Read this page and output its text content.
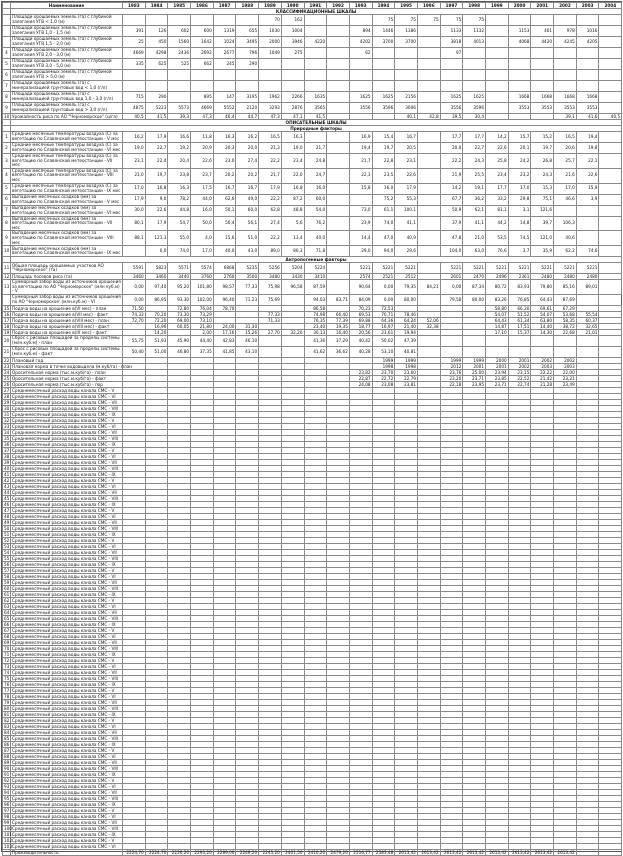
	Наименование	1983	1984	1985	1986	1987	1988	1989	1990	1991	1992	1993	1994	1995	1996	1997	1998	1999	2000	2001	2002	2003	2004
	КЛАССИФИКАЦИОННЫЕ ШКАЛЫ																						
	Площади орошаемых земель (га) с глубиной залегания УГВ < 1,0 (м)							70	162				75	75	75	75	75						
	Площади орошаемых земель (га) с глубиной залегания УГВ 1,0 - 1,5 (м)	391	126	602	600	1319	655	1030	1004			894	1446	1386		1133	1132		1153	401	978	1016	
	Площади орошаемых земель (га) с глубиной залегания УГВ 1,5 - 2,0 (м)	25	450	1560	1642	1024	3495	2000	3946	4220		4202	3700	3700		3818	4013		4068	4420	4245	4205	
4	Площади орошаемых земель (га) с глубиной залегания УГВ 2,0 - 3,0 (м)	4669	4298	2436	2692	2677	796	1049	275			62				97							
5	Площади орошаемых земель (га) с глубиной залегания УГВ 3,0 - 5,0 (м)	335	625	525	662	245	290																
6	Площади орошаемых земель (га) с глубиной залегания УГВ > 5,0 (м)																						
7	Площади орошаемых земель (га) с минерализацией грунтовых вод < 1,0 (г/л)																						
8	Площади орошаемых земель (га) с минерализацией грунтовых вод 1,0 - 3,0 (г/л)	715	290		895	147	3195	1962	2266	1635		1625	1625	2156		1625	1625		1668	1668	1668	1668	
9	Площади орошаемых земель (га) с минерализацией грунтовых вод > 3,0 (г/л)	4875	5223	5573	4669	5552	2120	3293	2876	3565		3556	3596	3006		3556	3596		3553	3553	3553	3553	
10	Урожайность риса по АО "Черноморское" (ц/га)	40,5	41,5	39,3	47,3	46,4	44,7	47,3	47,1	41,5				40,1	42,8	39,5	30,4				39,1	41,6	40,5
	ОПИСАТЕЛЬНЫЕ ШКАЛЫ																						
	Природные факторы																						
1	Средние месячные температуры воздуха (С) за вегетацию по Славянской метеостанции - V мес	16,2	17,9	16,6	11,8	16,3	16,2	16,5	16,3			16,9	15,4	16,7		17,7	17,7	14,2	15,7	15,2	16,5	19,4	
2	Средние месячные температуры воздуха (С) за вегетацию по Славянской метеостанции - VI мес	19,0	22,7	19,2	20,9	20,3	20,0	21,3	19,0	21,7		19,4	19,7	20,5		20,0	22,7	22,6	20,1	19,7	20,6	19,8	
3	Средние месячные температуры воздуха (С) за вегетацию по Славянской метеостанции - VII мес	23,1	22,4	20,4	22,6	23,0	27,4	22,2	23,4	24,8		21,7	22,8	23,1		22,2	24,3	25,8	24,2	26,8	25,7	22,1	
4	Средние месячные температуры воздуха (С) за вегетацию по Славянской метеостанции - VIII мес	21,0	19,7	23,8	23,7	20,2	20,2	21,7	22,0	24,7		22,3	23,5	22,6		21,9	25,5	23,4	23,2	24,3	21,6	22,6	
5	Средние месячные температуры воздуха (С) за вегетацию по Славянской метеостанции - IX мес	17,0	16,8	16,3	17,5	16,7	16,7	17,9	16,8	16,0		15,8	16,0	17,9		14,2	19,1	17,7	17,0	15,3	17,0	15,9	
6	Выпадение месячных осадков (мм) за вегетацию по Славянской метеостанции - V мес	17,9	9,0	78,2	44,0	62,6	49,0	22,2	87,2	60,0			75,2	55,3		67,7	36,2	33,2	29,8	75,1	46,6	3,9	
7	Выпадение месячных осадков (мм) за вегетацию по Славянской метеостанции - VI мес	30,0	22,6	44,8	16,0	50,1	60,0	62,8	48,8	54,0		73,0	61,1	100,1		50,9	62,1	81,1	3,1	121,6			
8	Выпадение месячных осадков (мм) за вегетацию по Славянской метеостанции - VII мес	80,1	17,9	54,7	50,0	56,4	56,1	27,4	5,6	76,2		23,9	74,0	41,1		37,9	41,1	44,2	14,8	39,7	106,3		
9	Выпадение месячных осадков (мм) за вегетацию по Славянской метеостанции - VIII мес	88,1	121,3	55,0	4,0	15,6	51,0	22,2	13,4	40,0		14,4	47,0	40,9		47,8	21,0	53,5	74,5	121,0	40,6		
10	Выпадение месячных осадков (мм) за вегетацию по Славянской метеостанции - IX мес		0,0	74,0	17,0	40,0	43,0	89,0	80,3	71,8		29,0	94,0	29,6		104,0	63,0	76,6	3,7	35,9	62,2	74,6	
	Антропогенные факторы																						
11	Общая площадь орошаемых участков АО "Черноморское" (га)	5591	5823	5571	5574	6868	5235	5256	5204	5224		5221	5221	5221		5221	5221	5221	5221	5221	5221	5221	
12	Площадь посевов риса (га)	3460	3460	3440	3760	2760	3500	3480	3430	3410		2574	2521	2512		2601	2470	2496	2361	2480	2480	2480	
13	Суммарный забор воды из источников орошения за вегетацию по АО "Черноморское" (млн куб.м) - V	0,00	97,40	95,20	101,80	98,57	77,33	75,98	96,58	87,59		90,64	0,00	79,35	84,21	0,00	87,34	80,72	83,93	79,80	85,16	89,01	
	Суммарный забор воды из источников орошения по АО 'Черноморское' (млн.куб.м) - VI	0,00	86,95	93,30	102,00	96,40	71,23	75,69		94,03	83,71	84,09	0,00	80,00		79,58	80,00	83,26	76,85	64,43	87,69		
15	Подача воды на орошение в(VI мес) - план	71,50		72,80	76,04	78,70				86,58		70,23	72,53					58,80	66,30	69,61	67,29		
16	Подача воды на орошение в(VII мес) - факт	74,33	70,20	73,30	73,29			77,33		74,98	66,40	69,53	70,71	78,46				54,07	51,52	54,07	53,68	55,54	
17	Подача воды на орошение в(VIII мес) - план	72,70	72,20	69,00	73,10			71,33		76,35	77,39	69,88	64,36	64,24	52,06			64,43	61,34	63,80	58,35	60,37	
18	Подача воды на орошение в(VIII мес) - факт		16,96	60,05	21,80	24,00	31,30			23,40	19,35	18,77	16,97	21,40	32,38			14,87	17,51	14,40	38,72	32,65	
19	Подача воды на орошение в(IX мес) - факт		14,20		2,00	17,16	15,26	27,70	32,20	30,13	16,40	20,56	23,61	19,94				17,10	15,37	14,30	22,68	21,01	
20	Сброс с рисовых площадей за пределы системы (млн.куб.м) - план	55,75	51,93	45,90	44,40	42,83	46,10			41,36	37,29	40,42	50,02	47,39									
21	Сброс с рисовых площадей за пределы системы (млн.куб.м) - факт	50,40	51,00	46,80	37,35	41,85	43,10			41,62	36,62	40,28	53,10	40,81									
22	Плановый год												1999	1999		1999	1999	2000	2001	2002	2002		
23	Плановая норма в точке водовыдела (м.куб/га) - план												1998	1998		2012	2001	2001	2002	2003	2003		
24	Оросительная норма (тыс.м.куб/га) - план											23,82	23,70	23,60		23,76	25,00	23,94	23,15	22,22	22,00		
25	Оросительная норма (тыс.м.куб/га) - факт											22,87	22,72	22,79		23,20	23,71	23,85	22,52	21,42	23,21		
26	Оросительная норма (тыс.м.куб/га) - пор											24,08	23,08	23,81		22,18	23,95	23,71	22,74	21,28	23,49		
27	Среднемесячный расход воды канала СМС - V																						
28	Среднемесячный расход воды канала СМС - VI																						
29	Среднемесячный расход воды канала СМС - VII																						
30	Среднемесячный расход воды канала СМС - VIII																						
31	Среднемесячный расход воды канала СМС - IX																						
32	Среднемесячный расход воды канала СМС - V																						
33	Среднемесячный расход воды канала СМС - VI																						
34	Среднемесячный расход воды канала СМС - VII																						
35	Среднемесячный расход воды канала СМС - VIII																						
36	Среднемесячный расход воды канала СМС - IX																						
37	Среднемесячный расход воды канала СМС - V																						
38	Среднемесячный расход воды канала СМС - VI																						
39	Среднемесячный расход воды канала СМС - VII																						
40	Среднемесячный расход воды канала СМС - VIII																						
41	Среднемесячный расход воды канала СМС - IX																						
42	Среднемесячный расход воды канала СМС - V																						
43	Среднемесячный расход воды канала СМС - VI																						
44	Среднемесячный расход воды канала СМС - VII																						
45	Среднемесячный расход воды канала СМС - VIII																						
46	Среднемесячный расход воды канала СМС - IX																						
47	Среднемесячный расход воды канала СМС - V																						
48	Среднемесячный расход воды канала СМС - VI																						
49	Среднемесячный расход воды канала СМС - VII																						
50	Среднемесячный расход воды канала СМС - VIII																						
51	Среднемесячный расход воды канала СМС - IX																						
52	Среднемесячный расход воды канала СМС - V																						
53	Среднемесячный расход воды канала СМС - VI																						
54	Среднемесячный расход воды канала СМС - VII																						
55	Среднемесячный расход воды канала СМС - VIII																						
56	Среднемесячный расход воды канала СМС - IX																						
57	Среднемесячный расход воды канала СМС - V																						
58	Среднемесячный расход воды канала СМС - VI																						
59	Среднемесячный расход воды канала СМС - VII																						
60	Среднемесячный расход воды канала СМС - VIII																						
61	Среднемесячный расход воды канала СМС - IX																						
62	Среднемесячный расход воды канала СМС - V																						
63	Среднемесячный расход воды канала СМС - VI																						
64	Среднемесячный расход воды канала СМС - VII																						
65	Среднемесячный расход воды канала СМС - VIII																						
66	Среднемесячный расход воды канала СМС - IX																						
67	Среднемесячный расход воды канала СМС - V																						
68	Среднемесячный расход воды канала СМС - VI																						
69	Среднемесячный расход воды канала СМС - VII																						
70	Среднемесячный расход воды канала СМС - VIII																						
71	Среднемесячный расход воды канала СМС - IX																						
72	Среднемесячный расход воды канала СМС - V																						
73	Среднемесячный расход воды канала СМС - VI																						
74	Среднемесячный расход воды канала СМС - VII																						
75	Среднемесячный расход воды канала СМС - VIII																						
76	Среднемесячный расход воды канала СМС - IX																						
77	Среднемесячный расход воды канала СМС - V																						
78	Среднемесячный расход воды канала СМС - VI																						
79	Среднемесячный расход воды канала СМС - VII																						
80	Среднемесячный расход воды канала СМС - VIII																						
81	Среднемесячный расход воды канала СМС - IX																						
82	Среднемесячный расход воды канала СМС - V																						
83	Среднемесячный расход воды канала СМС - VI																						
84	Среднемесячный расход воды канала СМС - VII																						
85	Среднемесячный расход воды канала СМС - VIII																						
86	Среднемесячный расход воды канала СМС - IX																						
87	Среднемесячный расход воды канала СМС - V																						
88	Среднемесячный расход воды канала СМС - VI																						
89	Среднемесячный расход воды канала СМС - VII																						
90	Среднемесячный расход воды канала СМС - VIII																						
91	Среднемесячный расход воды канала СМС - IX																						
92	Среднемесячный расход воды канала СМС - V																						
93	Среднемесячный расход воды канала СМС - VI																						
94	Среднемесячный расход воды канала СМС - VII																						
95	Среднемесячный расход воды канала СМС - VIII																						
96	Среднемесячный расход воды канала СМС - IX																						
97	Среднемесячный расход воды канала СМС - V																						
98	Среднемесячный расход воды канала СМС - VI																						
99	Среднемесячный расход воды канала СМС - VII																						
100	Среднемесячный расход воды канала СМС - VIII																						
101	Среднемесячный расход воды канала СМС - IX																						
102	Среднемесячный расход воды канала СМС - V																						
103	Среднемесячный расход воды канала СМС - VI																						
	Производительность	2224,70	2224,70	2226,20	2293,20	2289,00	2249,20	2245,20	2401,50	2410,20	2479,20	2516,77	2583,48	2613,42	2613,42	2613,42	2613,42	2613,42	2613,42	2613,42	2613,42		
